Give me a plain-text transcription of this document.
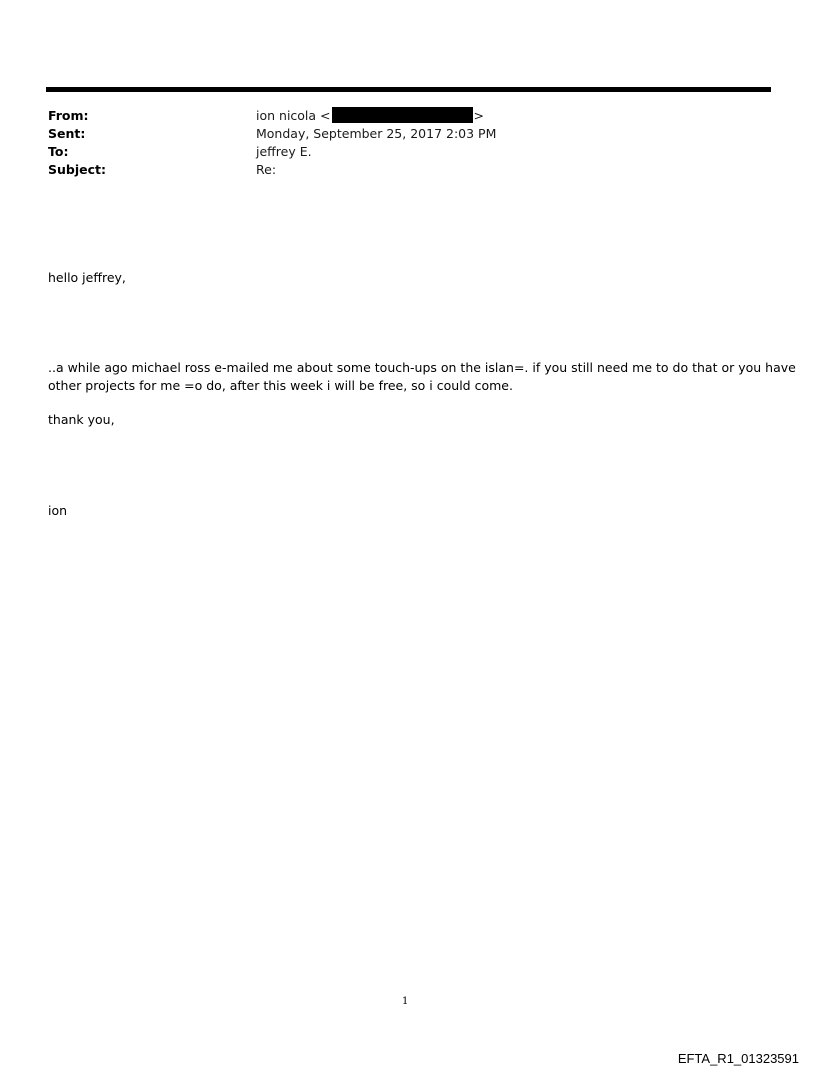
From:	ion nicola <	>
Sent:	Monday, September 25, 2017 2:03 PM
To:	jeffrey E.
Subject:	Re:
hello jeffrey,
..a while ago michael ross e-mailed me about some touch-ups on the islan=. if you still need me to do that or you have
other projects for me =o do, after this week i will be free, so i could come.
thank you,
ion
1
EFTA_R1_01323591
